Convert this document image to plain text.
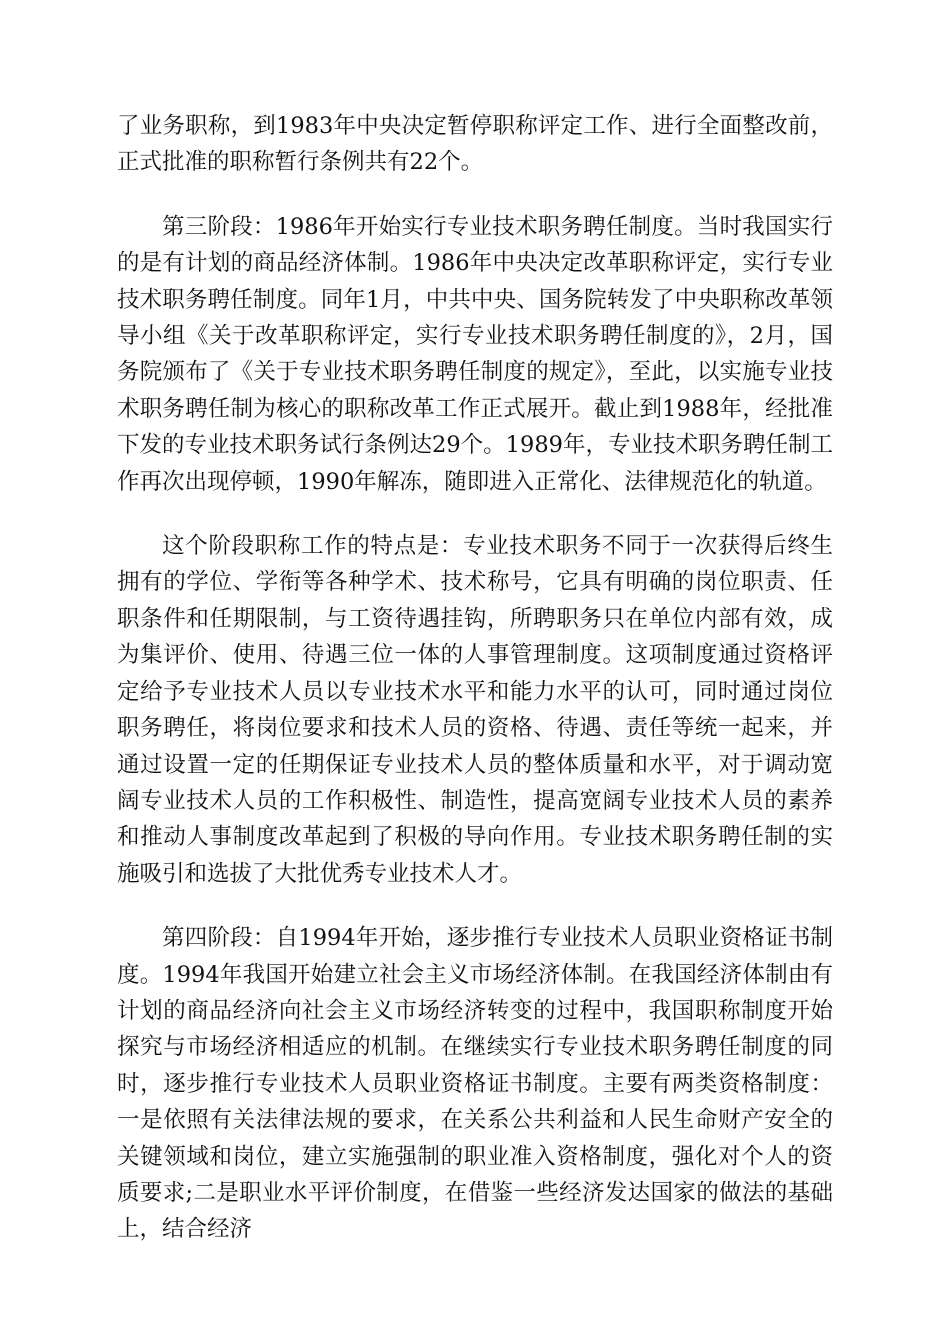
了业务职称，到1983年中央决定暂停职称评定工作、进行全面整改前，正式批准的职称暂行条例共有22个。

第三阶段：1986年开始实行专业技术职务聘任制度。当时我国实行的是有计划的商品经济体制。1986年中央决定改革职称评定，实行专业技术职务聘任制度。同年1月，中共中央、国务院转发了中央职称改革领导小组《关于改革职称评定，实行专业技术职务聘任制度的》，2月，国务院颁布了《关于专业技术职务聘任制度的规定》，至此，以实施专业技术职务聘任制为核心的职称改革工作正式展开。截止到1988年，经批准下发的专业技术职务试行条例达29个。1989年，专业技术职务聘任制工作再次出现停顿，1990年解冻，随即进入正常化、法律规范化的轨道。

这个阶段职称工作的特点是：专业技术职务不同于一次获得后终生拥有的学位、学衔等各种学术、技术称号，它具有明确的岗位职责、任职条件和任期限制，与工资待遇挂钩，所聘职务只在单位内部有效，成为集评价、使用、待遇三位一体的人事管理制度。这项制度通过资格评定给予专业技术人员以专业技术水平和能力水平的认可，同时通过岗位职务聘任，将岗位要求和技术人员的资格、待遇、责任等统一起来，并通过设置一定的任期保证专业技术人员的整体质量和水平，对于调动宽阔专业技术人员的工作积极性、制造性，提高宽阔专业技术人员的素养和推动人事制度改革起到了积极的导向作用。专业技术职务聘任制的实施吸引和选拔了大批优秀专业技术人才。

第四阶段：自1994年开始，逐步推行专业技术人员职业资格证书制度。1994年我国开始建立社会主义市场经济体制。在我国经济体制由有计划的商品经济向社会主义市场经济转变的过程中，我国职称制度开始探究与市场经济相适应的机制。在继续实行专业技术职务聘任制度的同时，逐步推行专业技术人员职业资格证书制度。主要有两类资格制度：一是依照有关法律法规的要求，在关系公共利益和人民生命财产安全的关键领域和岗位，建立实施强制的职业准入资格制度，强化对个人的资质要求;二是职业水平评价制度，在借鉴一些经济发达国家的做法的基础上，结合经济
